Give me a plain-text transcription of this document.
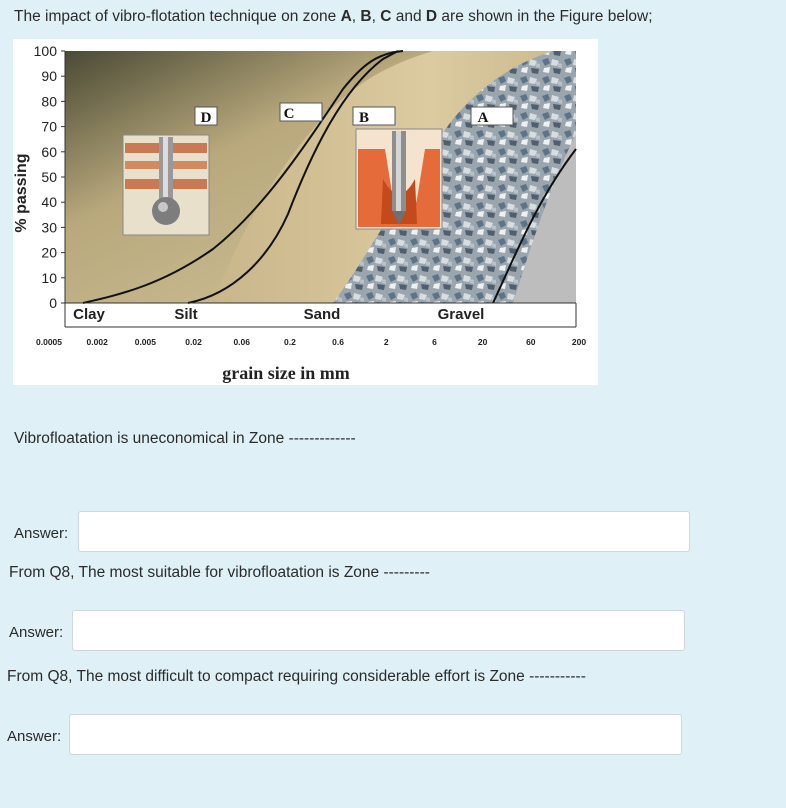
The impact of vibro-flotation technique on zone A, B, C and D are shown in the Figure below;
D	C	B	A
100
90
80
70
60
50
40
30
20
10
0
0.0005	0.002	0.005	0.02	0.06	0.2	0.6	2	6	20	60	200
Clay	Silt	Sand	Gravel
% passing
grain size in mm
Vibrofloatation is uneconomical in Zone -------------
Answer:
From Q8, The most suitable for vibrofloatation is Zone ---------
Answer:
From Q8, The most difficult to compact requiring considerable effort is Zone -----------
Answer:
